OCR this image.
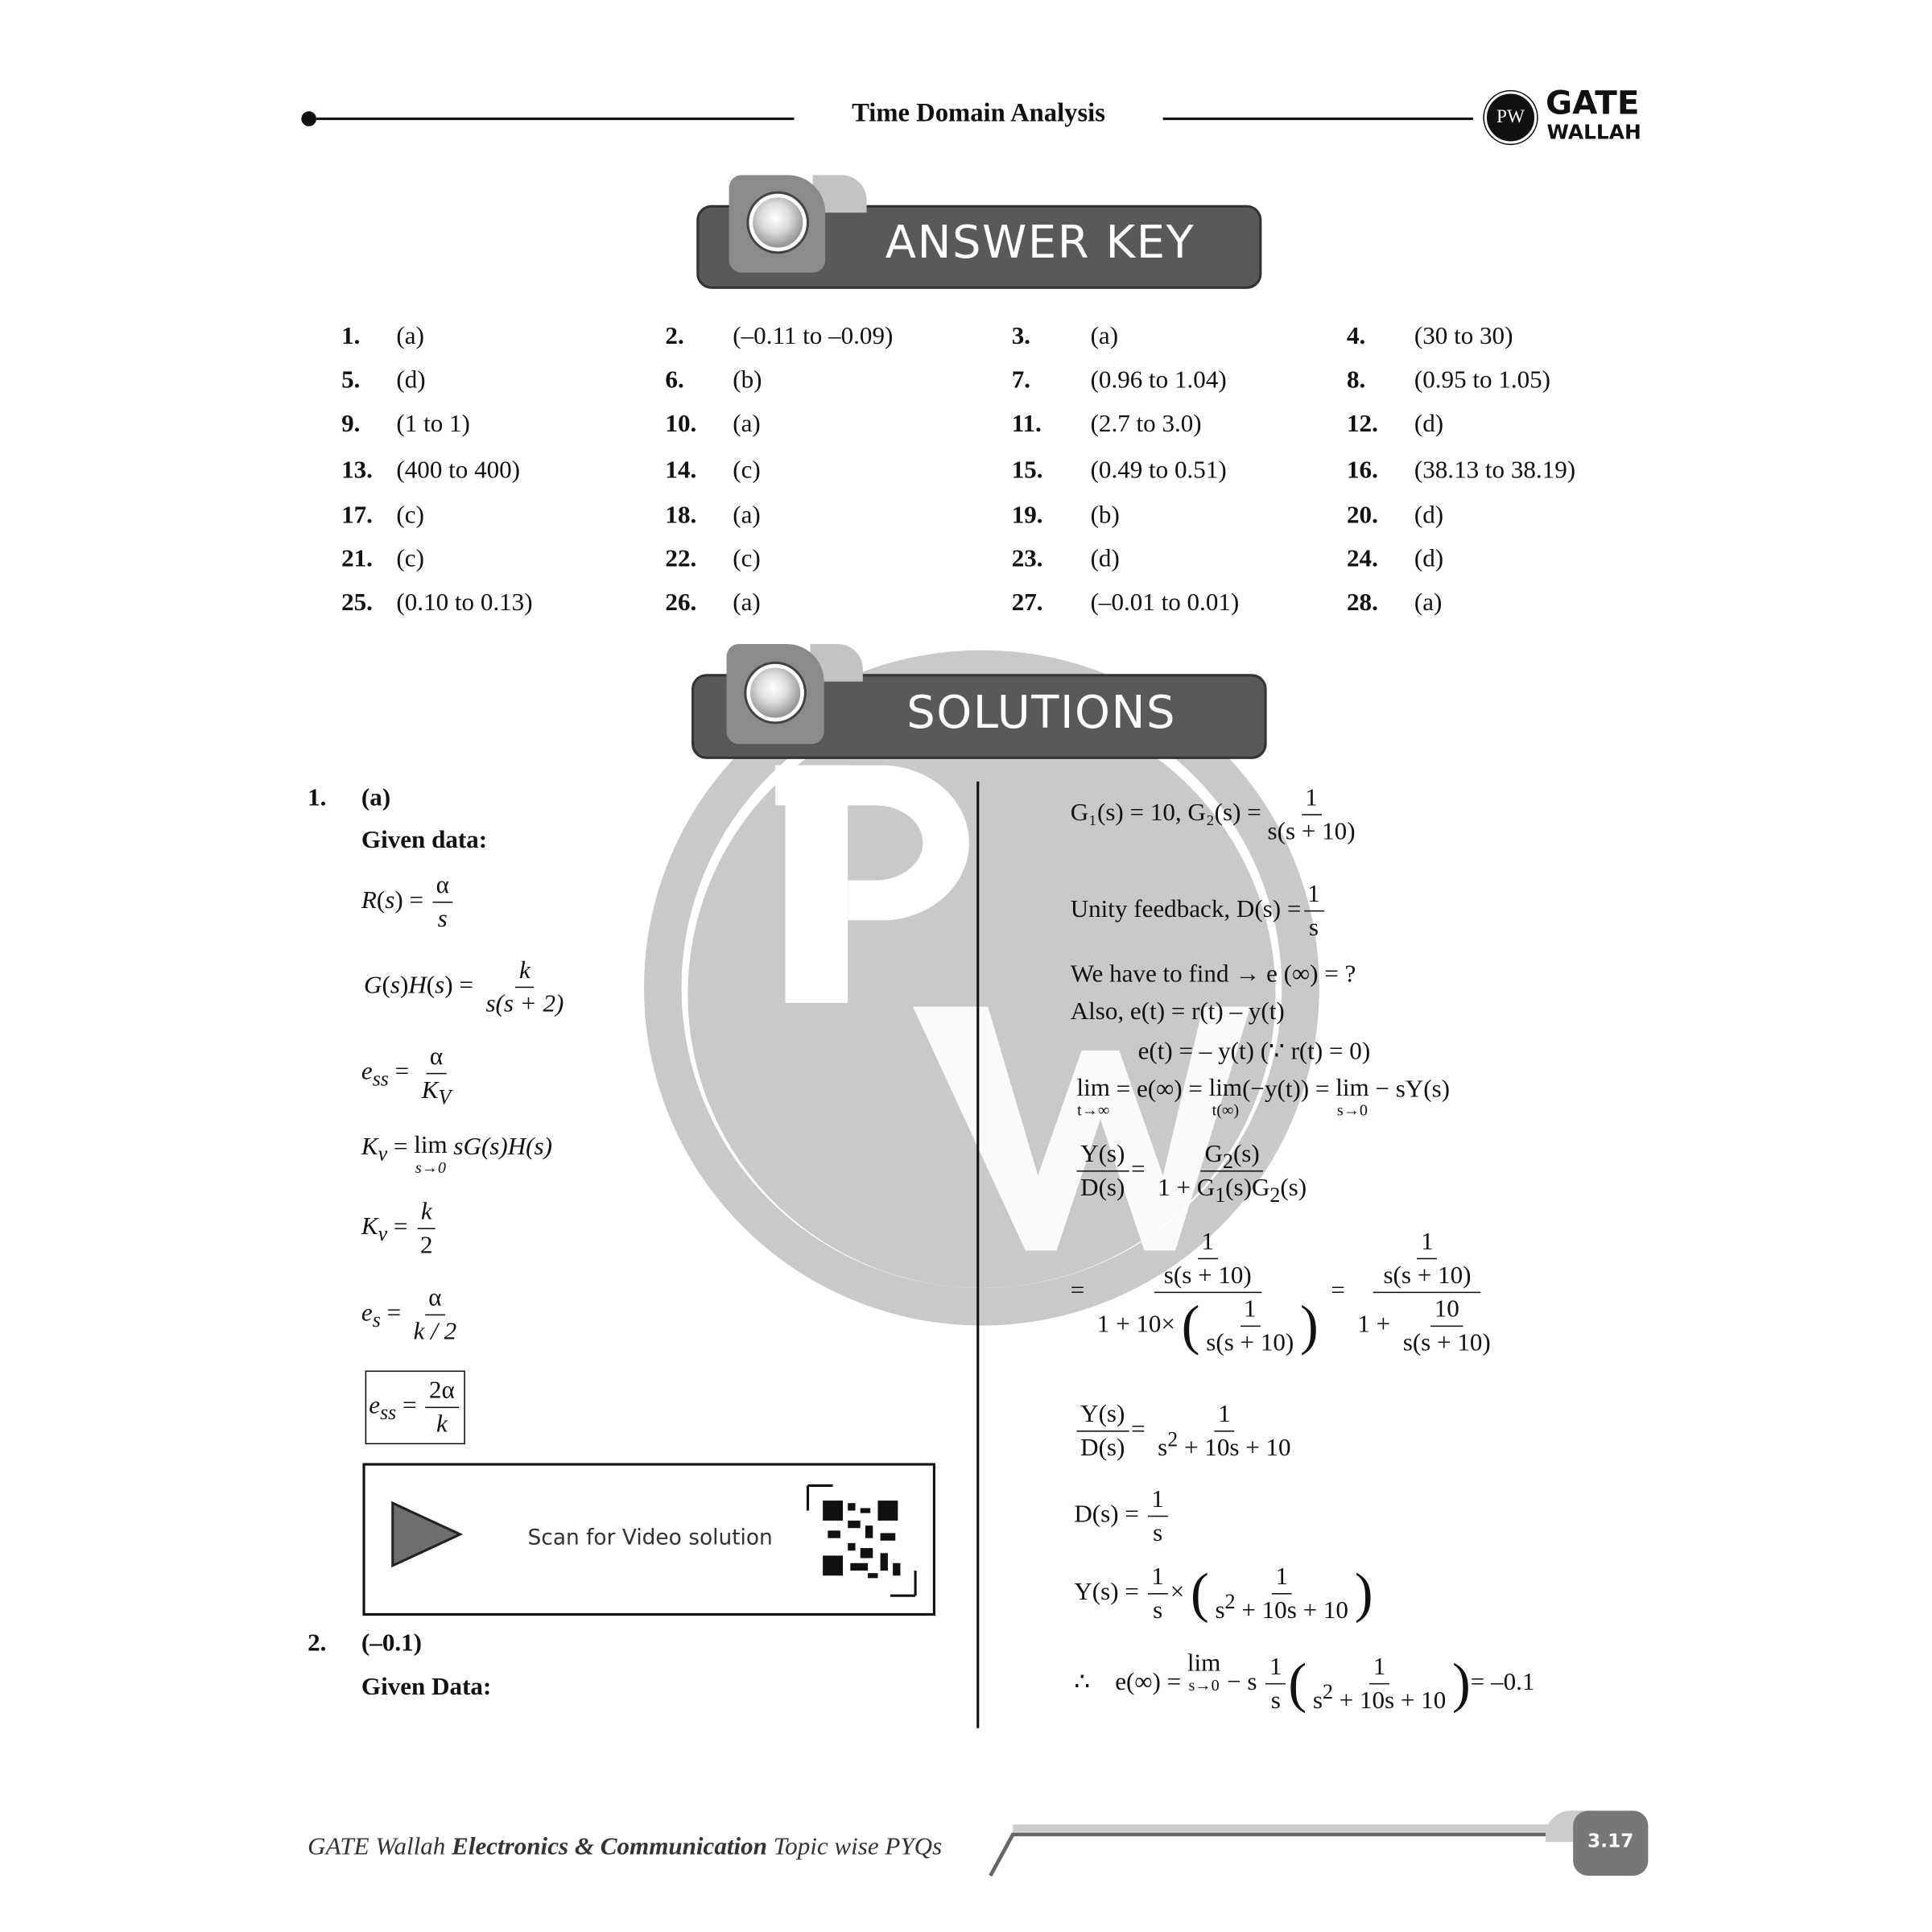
Time Domain Analysis	PW	GATE
WALLAH
ANSWER KEY
1. (a)	2.	(–0.11 to –0.09)	3.	(a)	4.	(30 to 30)
5. (d)	6.	(b)	7.	(0.96 to 1.04)	8.	(0.95 to 1.05)
9. (1 to 1)	10. (a)	11.	(2.7 to 3.0)	12. (d)
13. (400 to 400)	14. (c)	15.	(0.49 to 0.51)	16. (38.13 to 38.19)
17. (c)	18. (a)	19.	(b)	20. (d)
21. (c)	22. (c)	23.	(d)	24. (d)
25. (0.10 to 0.13)	26. (a)	27.	(–0.01 to 0.01)	28. (a)
SOLUTIONS
1. (a)
Given data:
$R(s) = \frac{\alpha}{s}$
$G(s)H(s) = \frac{k}{s(s + 2)}$
$e_{ss} = \frac{\alpha}{K_V}$
$K_v = \lim$
s→0
sG(s)H(s)
$K_v = \frac{k}{2}$
$e_s = \frac{\alpha}{k / 2}$
$e_{ss} = \frac{2\alpha}{k}$
Scan for Video solution
2. (–0.1)
Given Data:
G₁(s) = 10, $G_2(s) = \frac{1}{s(s + 10)}$
Unity feedback, $D(s) = \frac{1}{s}$
We have to find → e (∞) = ?
Also, e(t) = r(t) – y(t)
e(t) = – y(t) (∵ r(t) = 0)
lim
t→∞
= e(∞) = lim
t(∞)
(−y(t)) = lim
s→0
− sY(s)
$\frac{Y(s)}{D(s)} = \frac{G_2(s)}{1 + G_1(s)G_2(s)}$
= $\frac{\frac{1}{s(s + 10)}}{1 + 10\times ( \frac{1}{s(s + 10)} )} = \frac{\frac{1}{s(s + 10)}}{1 + \frac{10}{s(s + 10)}}$
$\frac{Y(s)}{D(s)} = \frac{1}{s^2 + 10s + 10}$
$D(s) = \frac{1}{s}$
$Y(s) = \frac{1}{s}$ × ( $\frac{1}{s^2 + 10s + 10}$ )
∴    e(∞) = lim
s→0 − s $\frac{1}{s}$ ( $\frac{1}{s^2 + 10s + 10}$ )= –0.1
GATE Wallah Electronics & Communication Topic wise PYQs	3.17
